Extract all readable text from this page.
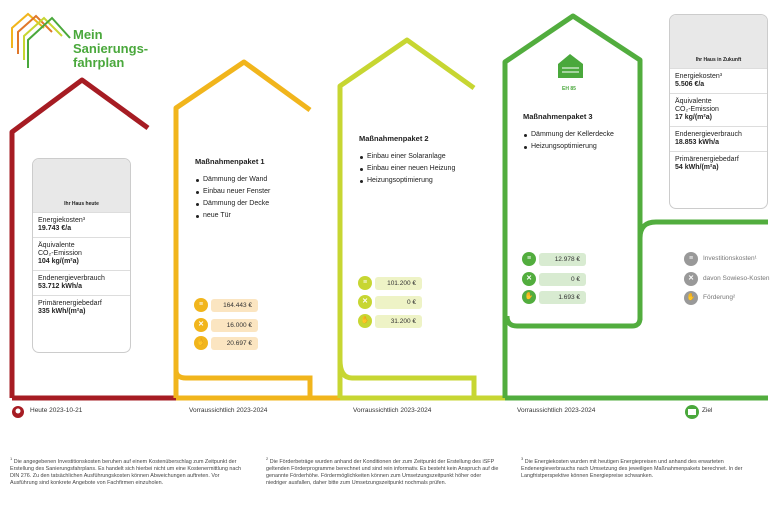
Mein
Sanierungs-
fahrplan
Ihr Haus heute
Energiekosten³
19.743 €/a
Äquivalente
CO₂-Emission
104 kg/(m²a)
Endenergieverbrauch
53.712 kWh/a
Primärenergiebedarf
335 kWh/(m²a)
Ihr Haus in Zukunft
Energiekosten³
5.506 €/a
Äquivalente
CO₂-Emission
17 kg/(m²a)
Endenergieverbrauch
18.853 kWh/a
Primärenergiebedarf
54 kWh/(m²a)
Maßnahmenpaket 1
Dämmung der Wand
Einbau neuer Fenster
Dämmung der Decke
neue Tür
Maßnahmenpaket 2
Einbau einer Solaranlage
Einbau einer neuen Heizung
Heizungsoptimierung
Maßnahmenpaket 3
Dämmung der Kellerdecke
Heizungsoptimierung
EH 85
≡	164.443 €
✕	16.000 €
✋	20.697 €
≡	101.200 €
✕	0 €
✋	31.200 €
≡	12.978 €
✕	0 €
✋	1.693 €
≡	Investitionskosten¹
✕	davon Sowieso-Kosten
✋	Förderung²
Heute 2023-10-21	Vorraussichtlich 2023-2024	Vorraussichtlich 2023-2024	Vorraussichtlich 2023-2024	Ziel
$^1$ Die angegebenen Investitionskosten beruhen auf einem Kostenüberschlag zum Zeitpunkt der Erstellung des Sanierungsfahrplans. Es handelt sich hierbei nicht um eine Kostenermittlung nach DIN 276. Zu den tatsächlichen Ausführungskosten können Abweichungen auftreten. Vor Ausführung sind konkrete Angebote von Fachfirmen einzuholen.
$^2$ Die Förderbeträge wurden anhand der Konditionen der zum Zeitpunkt der Erstellung des iSFP geltenden Förderprogramme berechnet und sind rein informativ. Es besteht kein Anspruch auf die genannte Förderhöhe. Fördermöglichkeiten können zum Umsetzungszeitpunkt höher oder niedriger ausfallen, daher bitte zum Umsetzungszeitpunkt nochmals prüfen.
$^3$ Die Energiekosten wurden mit heutigen Energiepreisen und anhand des erwarteten Endenergieverbrauchs nach Umsetzung des jeweiligen Maßnahmenpakets berechnet. In der Langfristperspektive können Energiepreise schwanken.
